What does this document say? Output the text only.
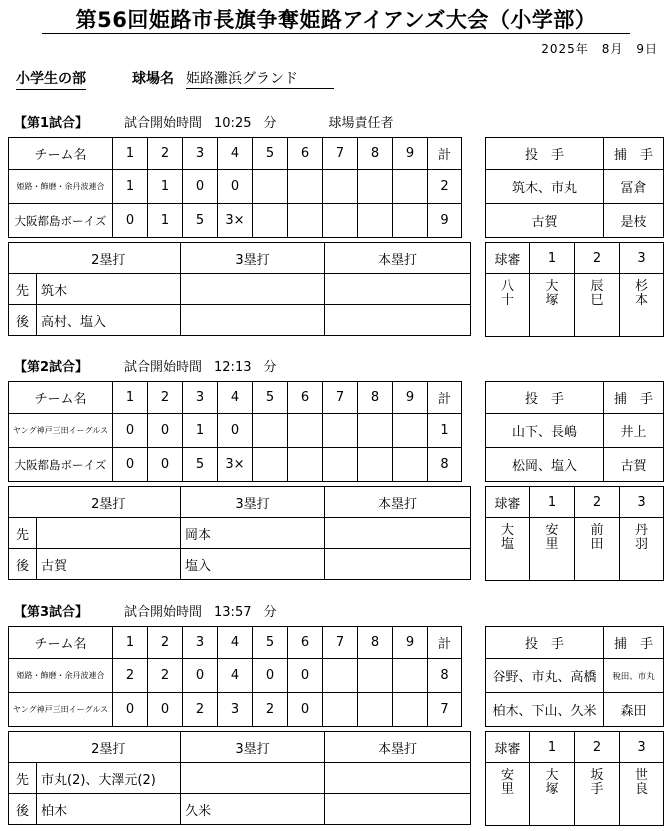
第56回姫路市長旗争奪姫路アイアンズ大会（小学部）
2025年　8月　9日
小学生の部	球場名 姫路灘浜グランド
【第1試合】	試合開始時間 10:25 分	球場責任者
チーム名	1	2	3	4	5	6	7	8	9	計
姫路・飾磨・余丹波連合	1	1	0	0						2
大阪都島ボーイズ	0	1	5	3×						9
投　手	捕　手
筑木、市丸	冨倉
古賀	是枝
	2塁打	3塁打	本塁打
先	筑木		
後	高村、塩入		
球審	1	2	3
八十	大塚	辰巳	杉本
【第2試合】	試合開始時間 12:13 分
チーム名	1	2	3	4	5	6	7	8	9	計
ヤング神戸三田イーグルス	0	0	1	0						1
大阪都島ボーイズ	0	0	5	3×						8
投　手	捕　手
山下、長嶋	井上
松岡、塩入	古賀
	2塁打	3塁打	本塁打
先		岡本	
後	古賀	塩入	
球審	1	2	3
大塩	安里	前田	丹羽
【第3試合】	試合開始時間 13:57 分
チーム名	1	2	3	4	5	6	7	8	9	計
姫路・飾磨・余丹波連合	2	2	0	4	0	0				8
ヤング神戸三田イーグルス	0	0	2	3	2	0				7
投　手	捕　手
谷野、市丸、高橋	稅田、市丸
柏木、下山、久米	森田
	2塁打	3塁打	本塁打
先	市丸(2)、大澤元(2)		
後	柏木	久米	
球審	1	2	3
安里	大塚	坂手	世良
